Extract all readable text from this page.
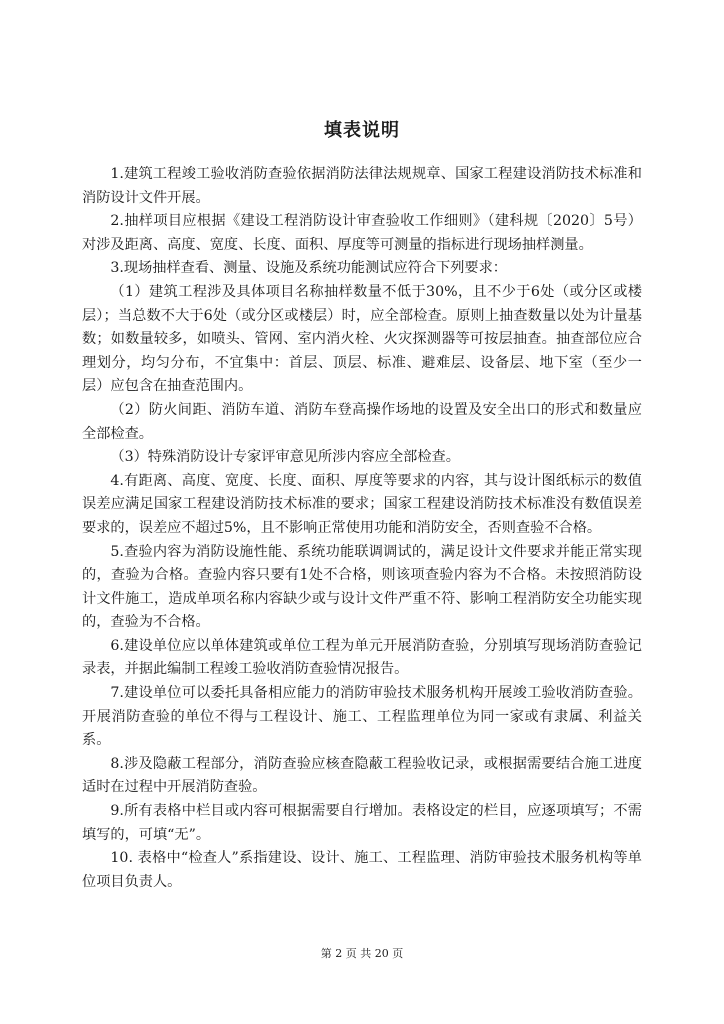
填表说明

1.建筑工程竣工验收消防查验依据消防法律法规规章、国家工程建设消防技术标准和消防设计文件开展。

2.抽样项目应根据《建设工程消防设计审查验收工作细则》（建科规〔2020〕5号）对涉及距离、高度、宽度、长度、面积、厚度等可测量的指标进行现场抽样测量。

3.现场抽样查看、测量、设施及系统功能测试应符合下列要求：

（1）建筑工程涉及具体项目名称抽样数量不低于30%，且不少于6处（或分区或楼层）；当总数不大于6处（或分区或楼层）时，应全部检查。原则上抽查数量以处为计量基数；如数量较多，如喷头、管网、室内消火栓、火灾探测器等可按层抽查。抽查部位应合理划分，均匀分布，不宜集中：首层、顶层、标准、避难层、设备层、地下室（至少一层）应包含在抽查范围内。

（2）防火间距、消防车道、消防车登高操作场地的设置及安全出口的形式和数量应全部检查。

（3）特殊消防设计专家评审意见所涉内容应全部检查。

4.有距离、高度、宽度、长度、面积、厚度等要求的内容，其与设计图纸标示的数值误差应满足国家工程建设消防技术标准的要求；国家工程建设消防技术标准没有数值误差要求的，误差应不超过5%，且不影响正常使用功能和消防安全，否则查验不合格。

5.查验内容为消防设施性能、系统功能联调调试的，满足设计文件要求并能正常实现的，查验为合格。查验内容只要有1处不合格，则该项查验内容为不合格。未按照消防设计文件施工，造成单项名称内容缺少或与设计文件严重不符、影响工程消防安全功能实现的，查验为不合格。

6.建设单位应以单体建筑或单位工程为单元开展消防查验，分别填写现场消防查验记录表，并据此编制工程竣工验收消防查验情况报告。

7.建设单位可以委托具备相应能力的消防审验技术服务机构开展竣工验收消防查验。开展消防查验的单位不得与工程设计、施工、工程监理单位为同一家或有隶属、利益关系。

8.涉及隐蔽工程部分，消防查验应核查隐蔽工程验收记录，或根据需要结合施工进度适时在过程中开展消防查验。

9.所有表格中栏目或内容可根据需要自行增加。表格设定的栏目，应逐项填写；不需填写的，可填“无”。

10. 表格中“检查人”系指建设、设计、施工、工程监理、消防审验技术服务机构等单位项目负责人。

第 2 页 共 20 页
